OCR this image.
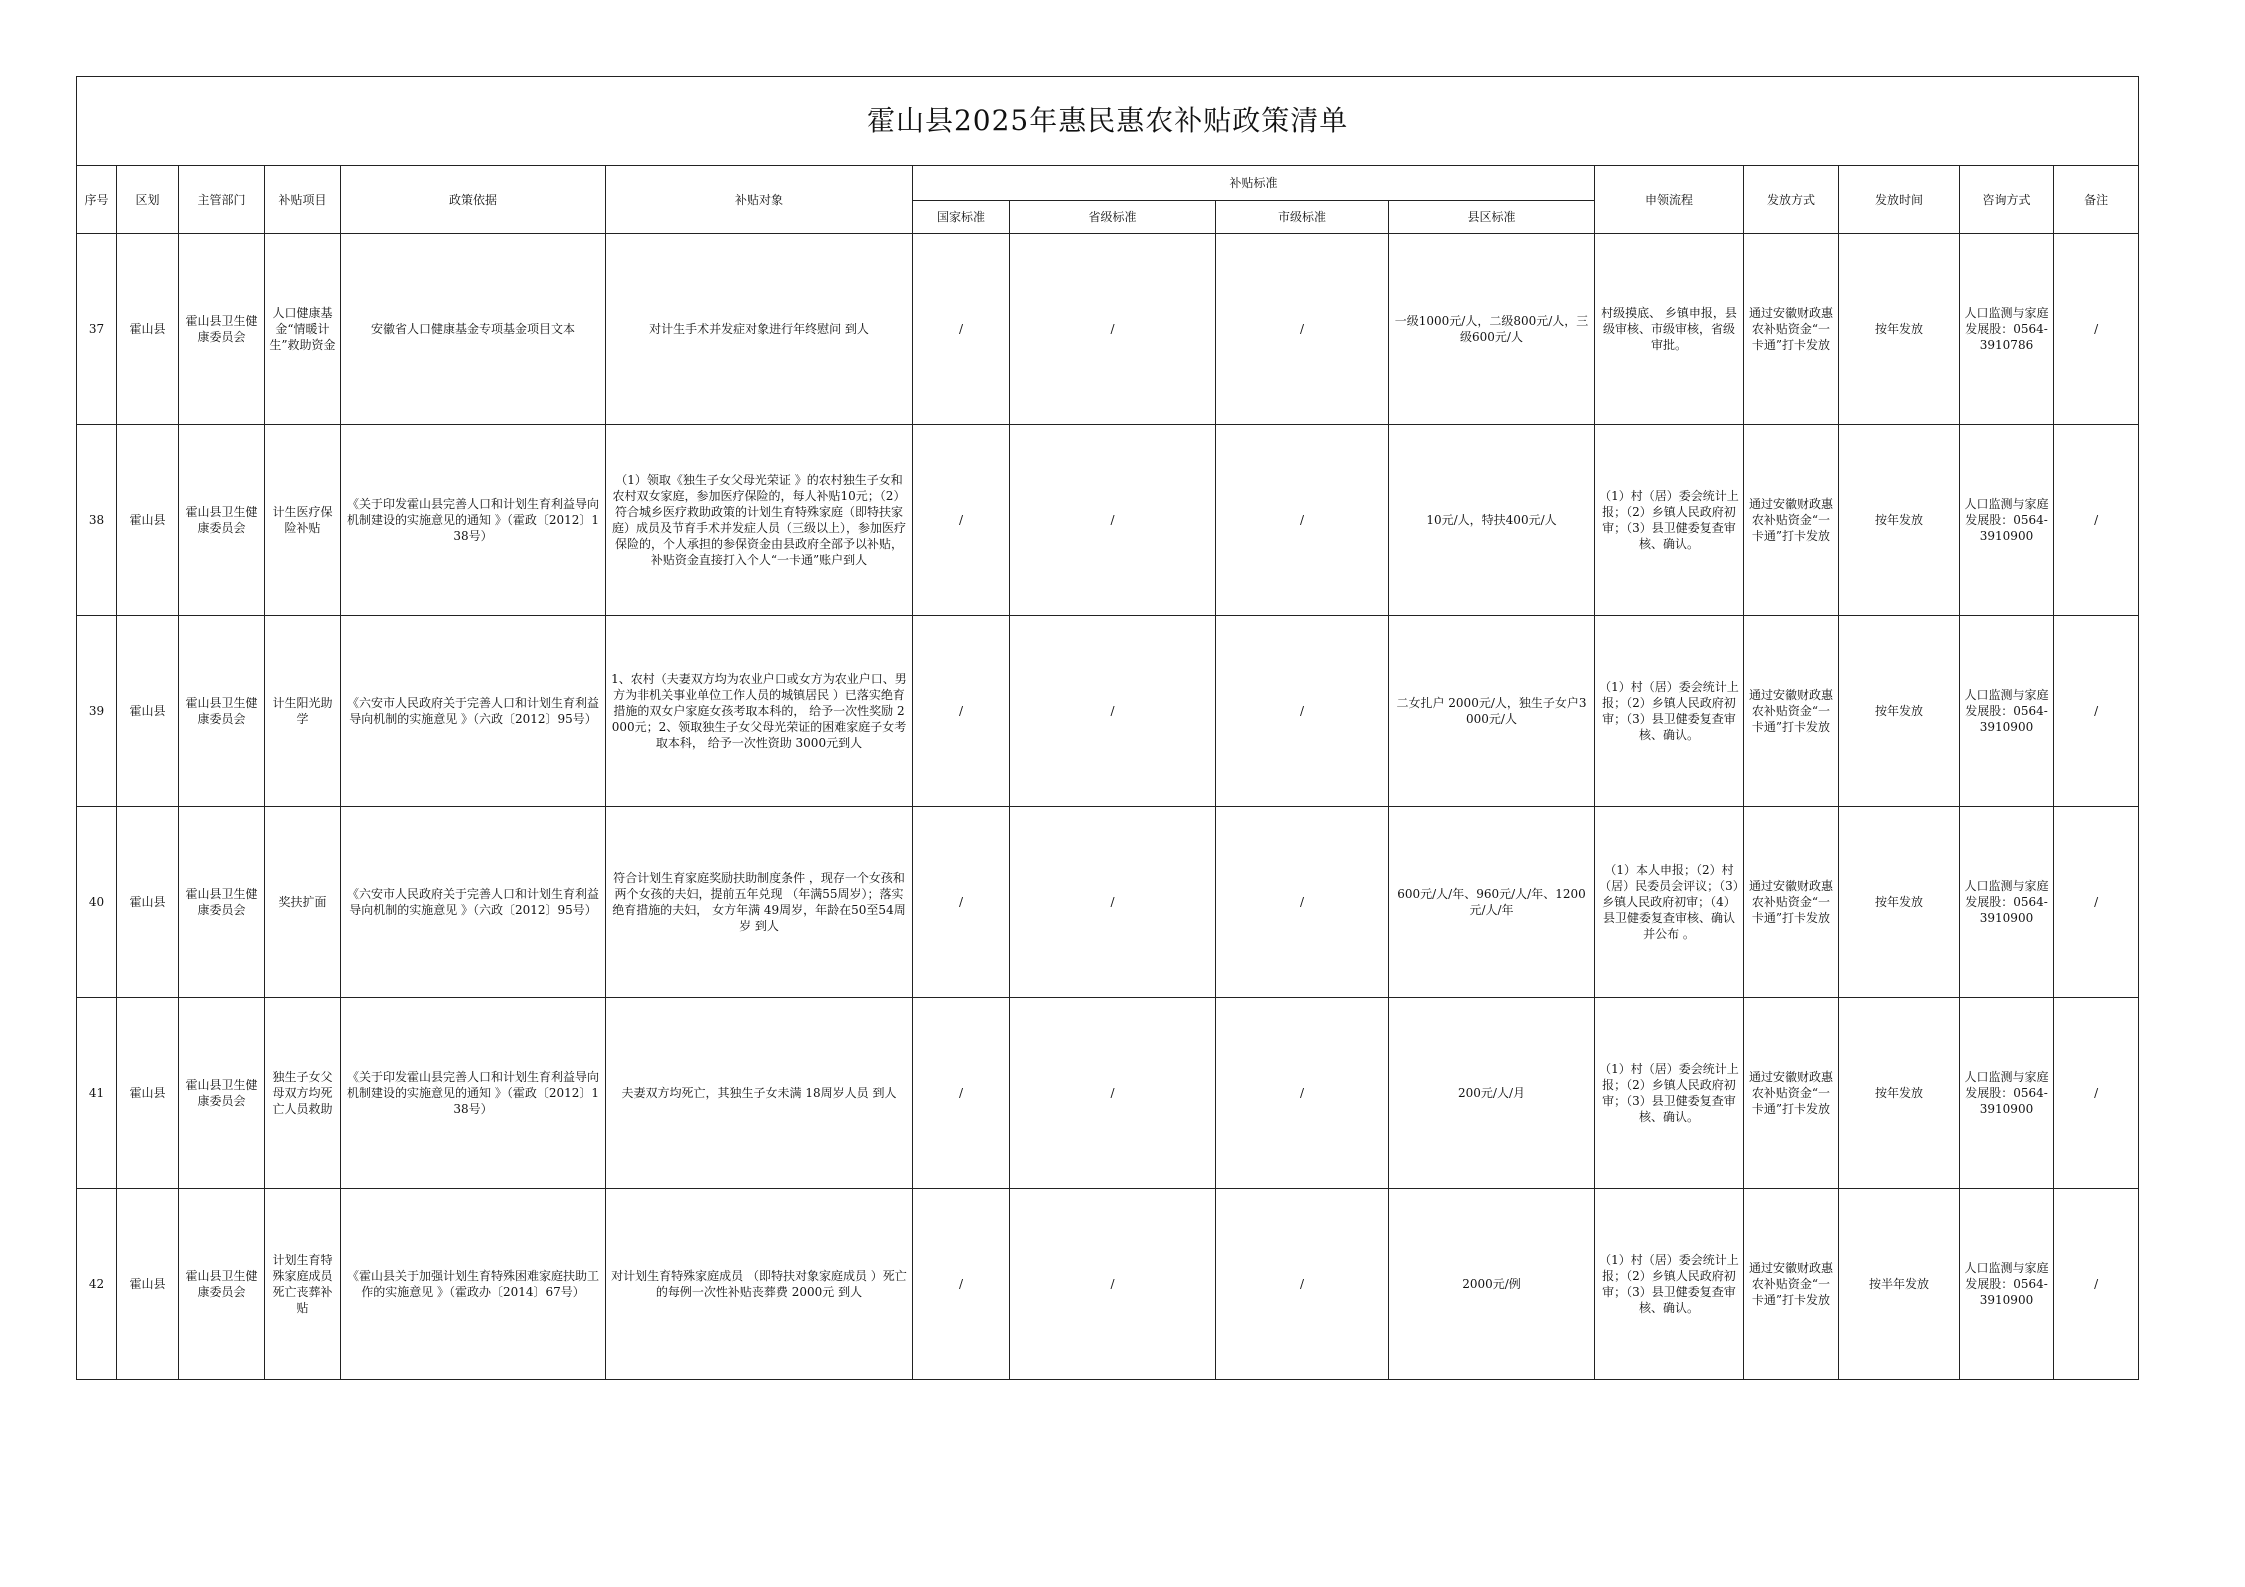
霍山县2025年惠民惠农补贴政策清单														
序号	区划	主管部门	补贴项目	政策依据	补贴对象	补贴标准				申领流程	发放方式	发放时间	咨询方式	备注
						国家标准	省级标准	市级标准	县区标准					
37	霍山县	霍山县卫生健康委员会	人口健康基金“情暖计生”救助资金	安徽省人口健康基金专项基金项目文本	对计生手术并发症对象进行年终慰问 到人	/	/	/	一级1000元/人，二级800元/人，三级600元/人	村级摸底、 乡镇申报，县级审核、市级审核，省级审批。	通过安徽财政惠农补贴资金“一卡通”打卡发放	按年发放	人口监测与家庭发展股：0564-3910786	/
38	霍山县	霍山县卫生健康委员会	计生医疗保险补贴	《关于印发霍山县完善人口和计划生育利益导向机制建设的实施意见的通知 》（霍政〔2012〕138号）	（1）领取《独生子女父母光荣证 》的农村独生子女和农村双女家庭，参加医疗保险的，每人补贴10元；（2）符合城乡医疗救助政策的计划生育特殊家庭（即特扶家庭）成员及节育手术并发症人员（三级以上），参加医疗保险的，个人承担的参保资金由县政府全部予以补贴， 补贴资金直接打入个人“一卡通”账户到人	/	/	/	10元/人，特扶400元/人	（1）村（居）委会统计上报；（2）乡镇人民政府初审；（3）县卫健委复查审核、确认。	通过安徽财政惠农补贴资金“一卡通”打卡发放	按年发放	人口监测与家庭发展股：0564-3910900	/
39	霍山县	霍山县卫生健康委员会	计生阳光助学	《六安市人民政府关于完善人口和计划生育利益导向机制的实施意见 》（六政〔2012〕95号）	1、农村（夫妻双方均为农业户口或女方为农业户口、男方为非机关事业单位工作人员的城镇居民 ）已落实绝育措施的双女户家庭女孩考取本科的， 给予一次性奖励 2000元；2、领取独生子女父母光荣证的困难家庭子女考取本科， 给予一次性资助 3000元到人	/	/	/	二女扎户 2000元/人，独生子女户3000元/人	（1）村（居）委会统计上报；（2）乡镇人民政府初审；（3）县卫健委复查审核、确认。	通过安徽财政惠农补贴资金“一卡通”打卡发放	按年发放	人口监测与家庭发展股：0564-3910900	/
40	霍山县	霍山县卫生健康委员会	奖扶扩面	《六安市人民政府关于完善人口和计划生育利益导向机制的实施意见 》（六政〔2012〕95号）	符合计划生育家庭奖励扶助制度条件 ，现存一个女孩和两个女孩的夫妇，提前五年兑现 （年满55周岁）；落实绝育措施的夫妇， 女方年满 49周岁，年龄在50至54周岁 到人	/	/	/	600元/人/年、960元/人/年、1200元/人/年	（1）本人申报；（2）村（居）民委员会评议；（3）乡镇人民政府初审；（4）县卫健委复查审核、确认并公布 。	通过安徽财政惠农补贴资金“一卡通”打卡发放	按年发放	人口监测与家庭发展股：0564-3910900	/
41	霍山县	霍山县卫生健康委员会	独生子女父母双方均死亡人员救助	《关于印发霍山县完善人口和计划生育利益导向机制建设的实施意见的通知 》（霍政〔2012〕138号）	夫妻双方均死亡，其独生子女未满 18周岁人员 到人	/	/	/	200元/人/月	（1）村（居）委会统计上报；（2）乡镇人民政府初审；（3）县卫健委复查审核、确认。	通过安徽财政惠农补贴资金“一卡通”打卡发放	按年发放	人口监测与家庭发展股：0564-3910900	/
42	霍山县	霍山县卫生健康委员会	计划生育特殊家庭成员死亡丧葬补贴	《霍山县关于加强计划生育特殊困难家庭扶助工作的实施意见 》（霍政办〔2014〕67号）	对计划生育特殊家庭成员 （即特扶对象家庭成员 ）死亡的每例一次性补贴丧葬费 2000元 到人	/	/	/	2000元/例	（1）村（居）委会统计上报；（2）乡镇人民政府初审；（3）县卫健委复查审核、确认。	通过安徽财政惠农补贴资金“一卡通”打卡发放	按半年发放	人口监测与家庭发展股：0564-3910900	/
